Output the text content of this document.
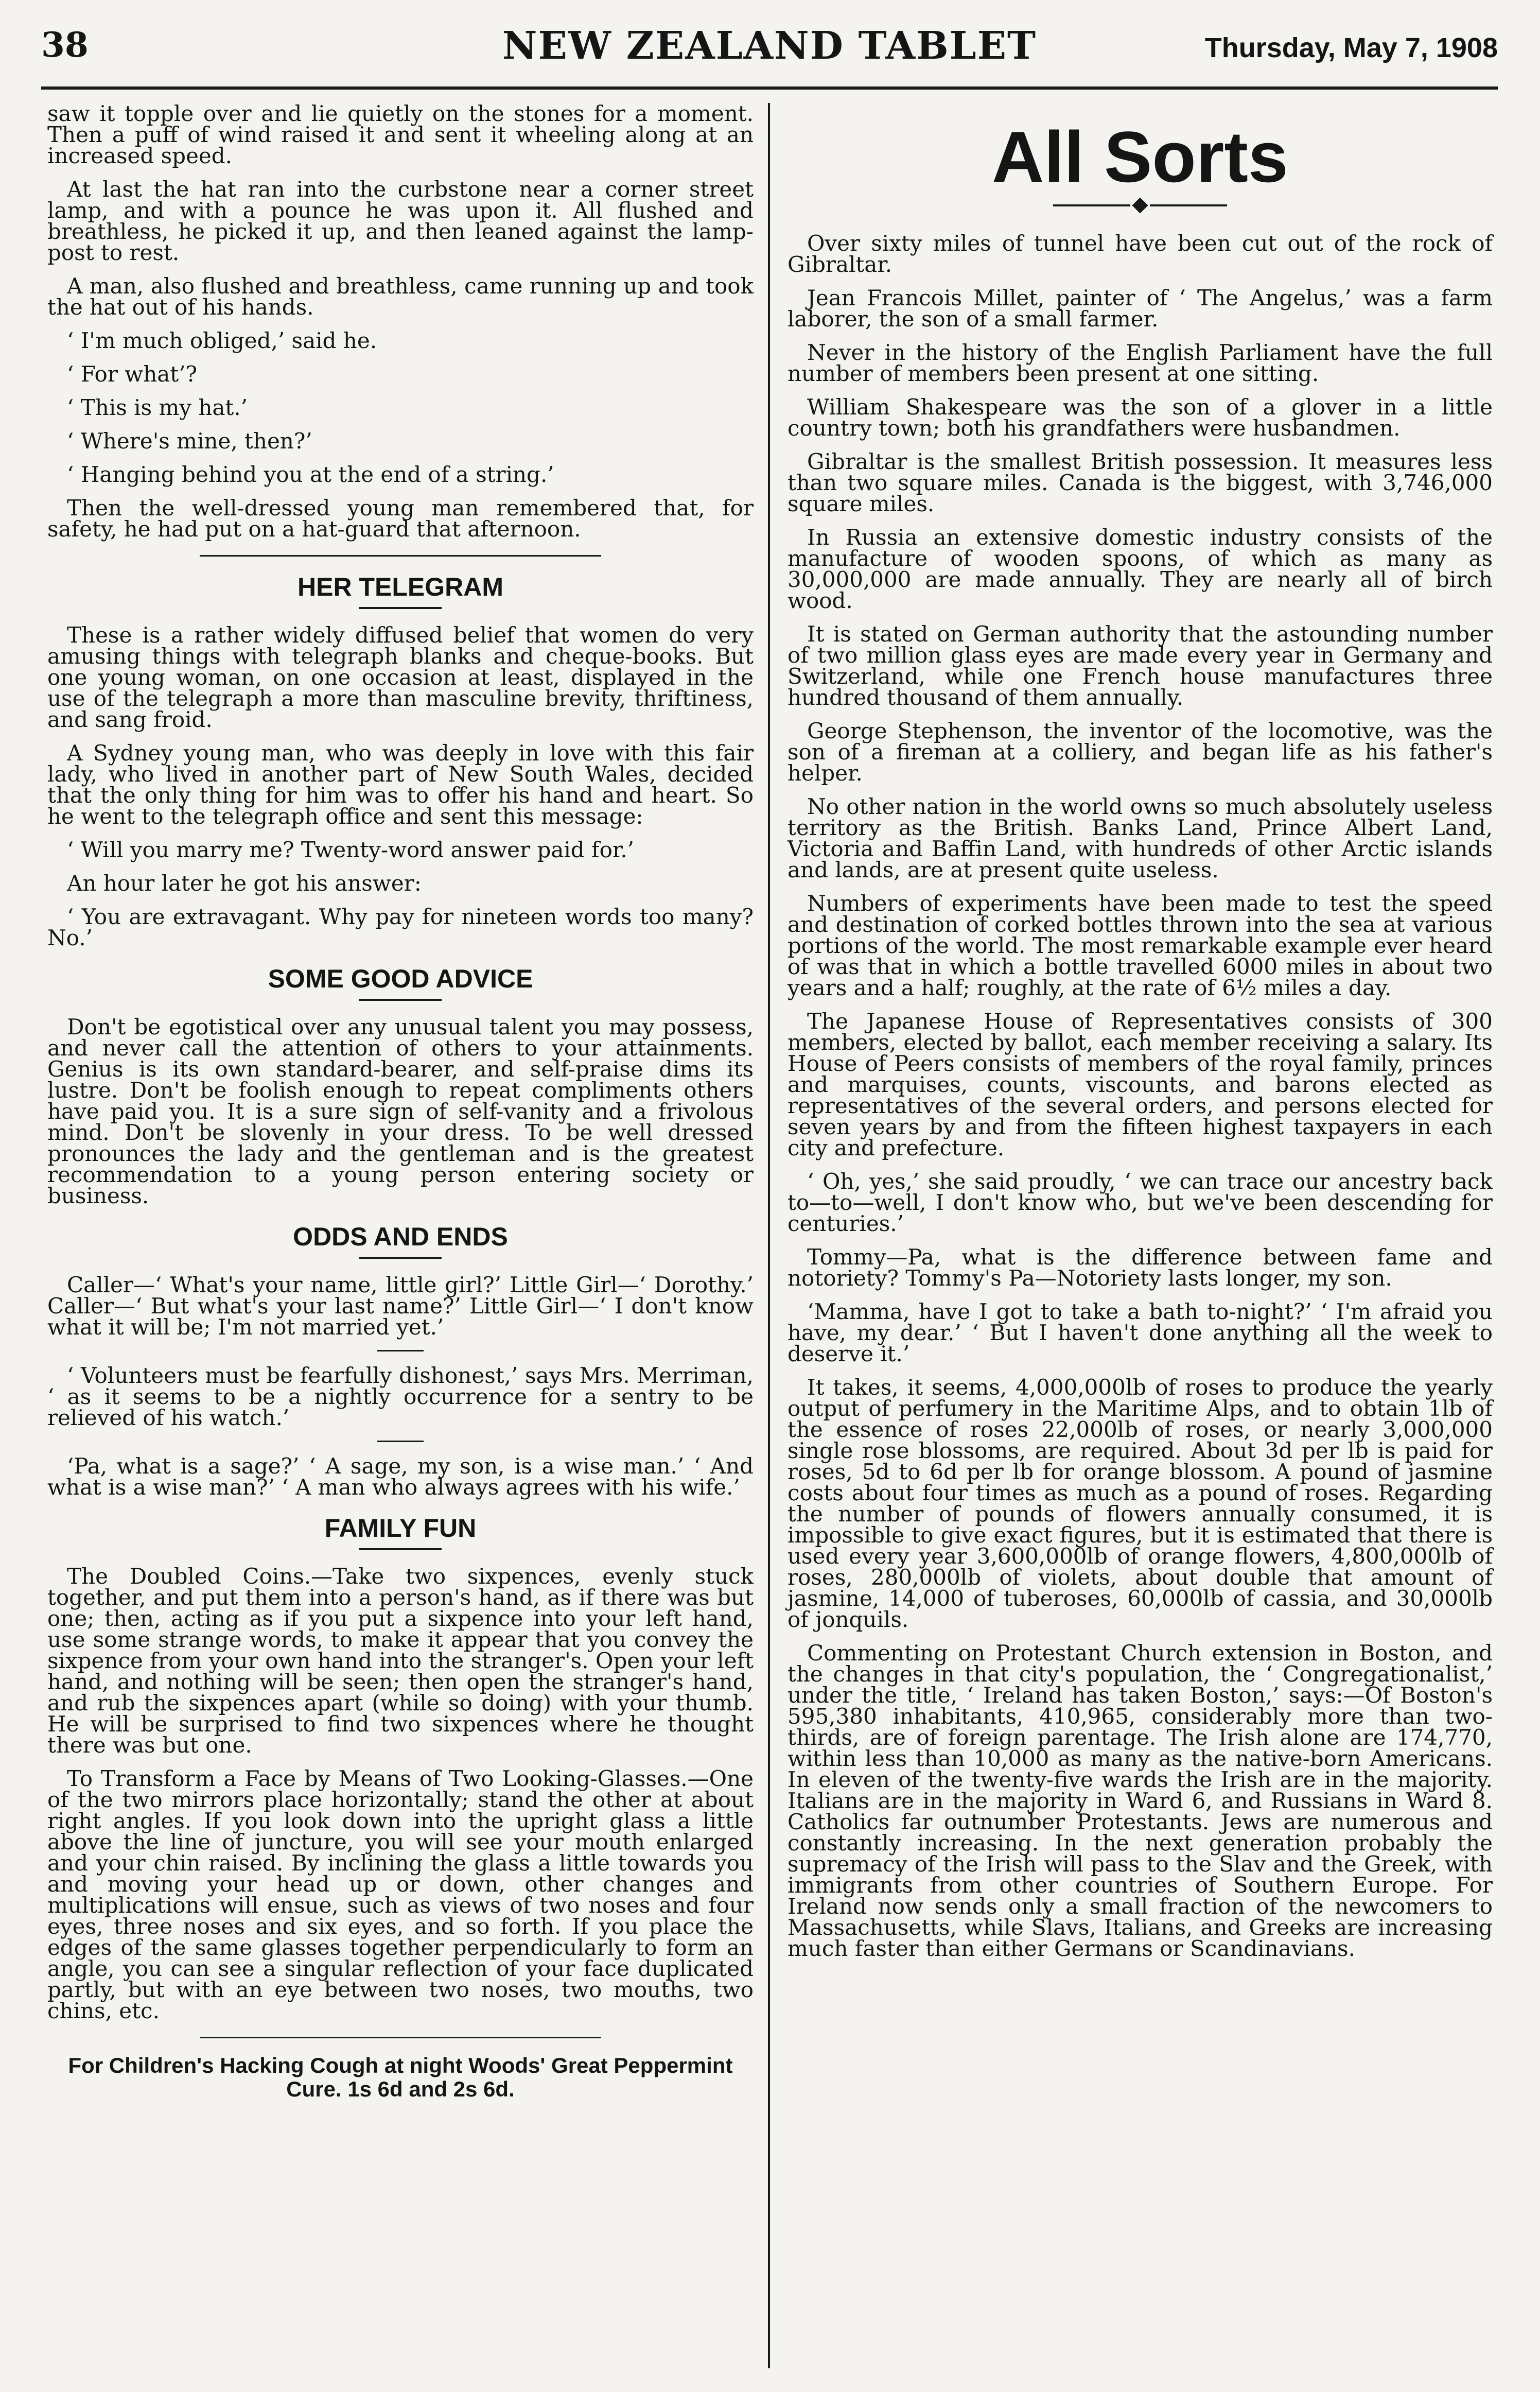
38	NEW ZEALAND TABLET	Thursday, May 7, 1908

saw it topple over and lie quietly on the stones for a moment. Then a puff of wind raised it and sent it wheeling along at an increased speed.

At last the hat ran into the curbstone near a corner street lamp, and with a pounce he was upon it. All flushed and breathless, he picked it up, and then leaned against the lamp-post to rest.

A man, also flushed and breathless, came running up and took the hat out of his hands.

‘ I'm much obliged,’ said he.

‘ For what’?

‘ This is my hat.’

‘ Where's mine, then?’

‘ Hanging behind you at the end of a string.’

Then the well-dressed young man remembered that, for safety, he had put on a hat-guard that afternoon.

HER TELEGRAM

These is a rather widely diffused belief that women do very amusing things with telegraph blanks and cheque-books. But one young woman, on one occasion at least, displayed in the use of the telegraph a more than masculine brevity, thriftiness, and sang froid.

A Sydney young man, who was deeply in love with this fair lady, who lived in another part of New South Wales, decided that the only thing for him was to offer his hand and heart. So he went to the telegraph office and sent this message:

‘ Will you marry me? Twenty-word answer paid for.’

An hour later he got his answer:

‘ You are extravagant. Why pay for nineteen words too many? No.’

SOME GOOD ADVICE

Don't be egotistical over any unusual talent you may possess, and never call the attention of others to your attainments. Genius is its own standard-bearer, and self-praise dims its lustre. Don't be foolish enough to repeat compliments others have paid you. It is a sure sign of self-vanity and a frivolous mind. Don't be slovenly in your dress. To be well dressed pronounces the lady and the gentleman and is the greatest recommendation to a young person entering society or business.

ODDS AND ENDS

Caller—‘ What's your name, little girl?’ Little Girl—‘ Dorothy.’ Caller—‘ But what's your last name?’ Little Girl—‘ I don't know what it will be; I'm not married yet.’

‘ Volunteers must be fearfully dishonest,’ says Mrs. Merriman, ‘ as it seems to be a nightly occurrence for a sentry to be relieved of his watch.’

‘Pa, what is a sage?’ ‘ A sage, my son, is a wise man.’ ‘ And what is a wise man?’ ‘ A man who always agrees with his wife.’

FAMILY FUN

The Doubled Coins.—Take two sixpences, evenly stuck together, and put them into a person's hand, as if there was but one; then, acting as if you put a sixpence into your left hand, use some strange words, to make it appear that you convey the sixpence from your own hand into the stranger's. Open your left hand, and nothing will be seen; then open the stranger's hand, and rub the sixpences apart (while so doing) with your thumb. He will be surprised to find two sixpences where he thought there was but one.

To Transform a Face by Means of Two Looking-Glasses.—One of the two mirrors place horizontally; stand the other at about right angles. If you look down into the upright glass a little above the line of juncture, you will see your mouth enlarged and your chin raised. By inclining the glass a little towards you and moving your head up or down, other changes and multiplications will ensue, such as views of two noses and four eyes, three noses and six eyes, and so forth. If you place the edges of the same glasses together perpendicularly to form an angle, you can see a singular reflection of your face duplicated partly, but with an eye between two noses, two mouths, two chins, etc.

For Children's Hacking Cough at night Woods' Great Peppermint Cure. 1s 6d and 2s 6d.
All Sorts

Over sixty miles of tunnel have been cut out of the rock of Gibraltar.

Jean Francois Millet, painter of ‘ The Angelus,’ was a farm laborer, the son of a small farmer.

Never in the history of the English Parliament have the full number of members been present at one sitting.

William Shakespeare was the son of a glover in a little country town; both his grandfathers were husbandmen.

Gibraltar is the smallest British possession. It measures less than two square miles. Canada is the biggest, with 3,746,000 square miles.

In Russia an extensive domestic industry consists of the manufacture of wooden spoons, of which as many as 30,000,000 are made annually. They are nearly all of birch wood.

It is stated on German authority that the astounding number of two million glass eyes are made every year in Germany and Switzerland, while one French house manufactures three hundred thousand of them annually.

George Stephenson, the inventor of the locomotive, was the son of a fireman at a colliery, and began life as his father's helper.

No other nation in the world owns so much absolutely useless territory as the British. Banks Land, Prince Albert Land, Victoria and Baffin Land, with hundreds of other Arctic islands and lands, are at present quite useless.

Numbers of experiments have been made to test the speed and destination of corked bottles thrown into the sea at various portions of the world. The most remarkable example ever heard of was that in which a bottle travelled 6000 miles in about two years and a half; roughly, at the rate of 6½ miles a day.

The Japanese House of Representatives consists of 300 members, elected by ballot, each member receiving a salary. Its House of Peers consists of members of the royal family, princes and marquises, counts, viscounts, and barons elected as representatives of the several orders, and persons elected for seven years by and from the fifteen highest taxpayers in each city and prefecture.

‘ Oh, yes,’ she said proudly, ‘ we can trace our ancestry back to—to—well, I don't know who, but we've been descending for centuries.’

Tommy—Pa, what is the difference between fame and notoriety? Tommy's Pa—Notoriety lasts longer, my son.

‘Mamma, have I got to take a bath to-night?’ ‘ I'm afraid you have, my dear.’ ‘ But I haven't done anything all the week to deserve it.’

It takes, it seems, 4,000,000lb of roses to produce the yearly output of perfumery in the Maritime Alps, and to obtain 1lb of the essence of roses 22,000lb of roses, or nearly 3,000,000 single rose blossoms, are required. About 3d per lb is paid for roses, 5d to 6d per lb for orange blossom. A pound of jasmine costs about four times as much as a pound of roses. Regarding the number of pounds of flowers annually consumed, it is impossible to give exact figures, but it is estimated that there is used every year 3,600,000lb of orange flowers, 4,800,000lb of roses, 280,000lb of violets, about double that amount of jasmine, 14,000 of tuberoses, 60,000lb of cassia, and 30,000lb of jonquils.

Commenting on Protestant Church extension in Boston, and the changes in that city's population, the ‘ Congregationalist,’ under the title, ‘ Ireland has taken Boston,’ says:—Of Boston's 595,380 inhabitants, 410,965, considerably more than two-thirds, are of foreign parentage. The Irish alone are 174,770, within less than 10,000 as many as the native-born Americans. In eleven of the twenty-five wards the Irish are in the majority. Italians are in the majority in Ward 6, and Russians in Ward 8. Catholics far outnumber Protestants. Jews are numerous and constantly increasing. In the next generation probably the supremacy of the Irish will pass to the Slav and the Greek, with immigrants from other countries of Southern Europe. For Ireland now sends only a small fraction of the newcomers to Massachusetts, while Slavs, Italians, and Greeks are increasing much faster than either Germans or Scandinavians.
